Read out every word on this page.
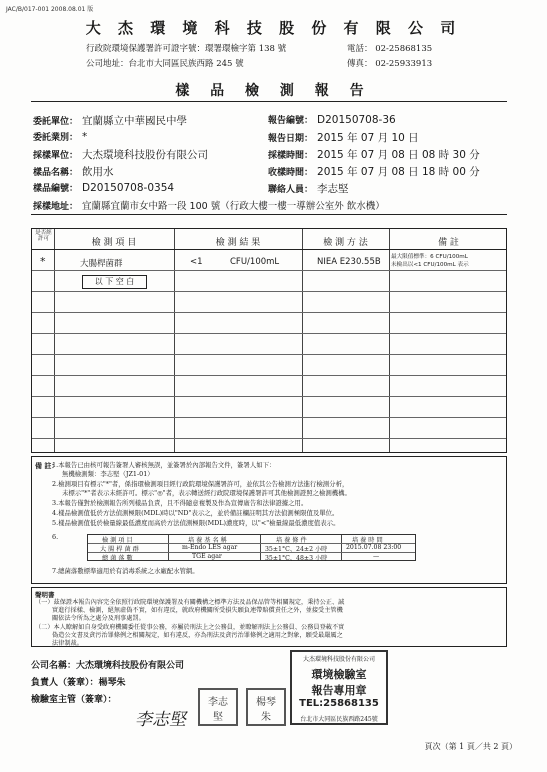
JAC/B/017-001 2008.08.01 版
大 杰 環 境 科 技 股 份 有 限 公 司
行政院環境保護署許可證字號：環署環檢字第 138 號	電話： 02-25868135
公司地址：台北市大同區民族西路 245 號	傳真： 02-25933913
樣 品 檢 測 報 告
委託單位： 宜蘭縣立中華國民中學	報告編號： D20150708-36
委託業別： *	報告日期： 2015 年 07 月 10 日
採樣單位： 大杰環境科技股份有限公司	採樣時間： 2015 年 07 月 08 日 08 時 30 分
樣品名稱： 飲用水	收樣時間： 2015 年 07 月 08 日 18 時 00 分
樣品編號： D20150708-0354	聯絡人員： 李志堅
採樣地址： 宜蘭縣宜蘭市女中路一段 100 號（行政大樓一樓一導辦公室外 飲水機）
是否經許可	檢 測 項 目	檢 測 結 果	檢 測 方 法	備 註
*	大腸桿菌群	<1	CFU/100mL	NIEA E230.55B 最大限值標準：6 CFU/100mL
未檢出以<1 CFU/100mL 表示
以 下 空 白
備 註：
1.本報告已由核可報告簽署人審核無誤，並簽署於內部報告文件，簽署人如下：
無機檢測類：李志堅（JZ1-01）
2.檢測項目有標示"*"者，係指環檢測項目經行政院環境保護署許可，並依其公告檢測方法進行檢測分析，
未標示"*"者表示未經許可。標示"◎"者，表示轉送經行政院環境保護署許可其他檢測證照之檢測機構。
3.本報告僅對於檢測報告所列樣品負責，且不得隨意複製及作為宣傳廣告和法律證據之用。
4.樣品檢測值低於方法偵測極限(MDL)時以"ND"表示之，並於備註欄註明其方法偵測極限值及單位。
5.樣品檢測值低於檢量線最低濃度而高於方法偵測極限(MDL)濃度時，以"<"檢量線最低濃度值表示。
6.	檢 測 項 目	培 養 基 名 稱	培 養 條 件	培 養 時 間
大 腸 桿 菌 群	m-Endo LES agar	35±1°C、24±2 小時	2015.07.08 23:00
總 菌 落 數	TGE agar	35±1°C、48±3 小時	—
7.總菌落數標準適用於有消毒系統之水廠配水管網。
聲明書
（一）茲保證本報告內容完全依照行政院環境保護署及有關機構之標準方法及品保品管等相關規定，秉持公正、誠
實進行採樣、檢測，絕無虛偽不實，如有違反，就政府機關所受損失願負連帶賠償責任之外，並接受主管機
關依法令所為之處分及刑事處罰。
（二）本人瞭解如自身受政府機關委任從事公務，亦屬於刑法上之公務員，並瞭解刑法上公務員、公務員登載不實
偽造公文書及貪污治罪條例之相關規定，如有違反，亦為刑法及貪污治罪條例之適用之對象，願受最嚴厲之
法律制裁。
公司名稱：大杰環境科技股份有限公司
負責人（簽章）：楊琴朱
檢驗室主管（簽章）：	李志
堅
楊琴
朱
大杰環境科技股份有限公司
環境檢驗室
報告專用章
TEL:25868135
台北市大同區民族西路245號
李志堅
頁次（第 1 頁／共 2 頁）
